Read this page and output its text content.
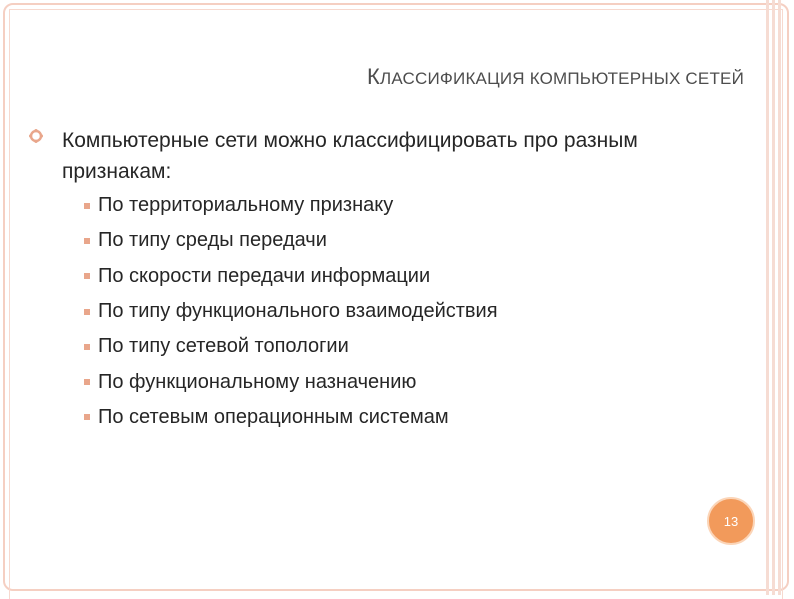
КЛАССИФИКАЦИЯ КОМПЬЮТЕРНЫХ СЕТЕЙ
Компьютерные сети можно классифицировать про разным признакам:
По территориальному признаку
По типу среды передачи
По скорости передачи информации
По типу функционального взаимодействия
По типу сетевой топологии
По функциональному назначению
По сетевым операционным системам
13
